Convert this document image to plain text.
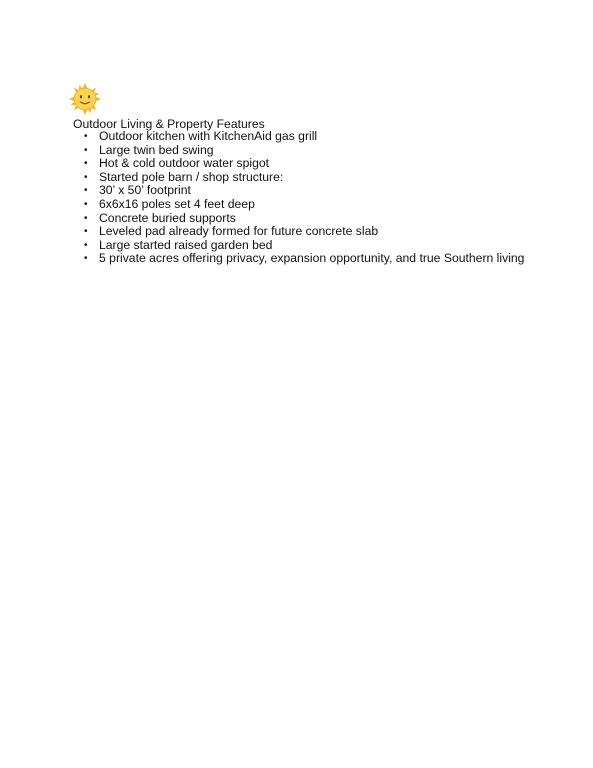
Outdoor Living & Property Features
• Outdoor kitchen with KitchenAid gas grill
• Large twin bed swing
• Hot & cold outdoor water spigot
• Started pole barn / shop structure:
• 30’ x 50’ footprint
• 6x6x16 poles set 4 feet deep
• Concrete buried supports
• Leveled pad already formed for future concrete slab
• Large started raised garden bed
• 5 private acres offering privacy, expansion opportunity, and true Southern living
